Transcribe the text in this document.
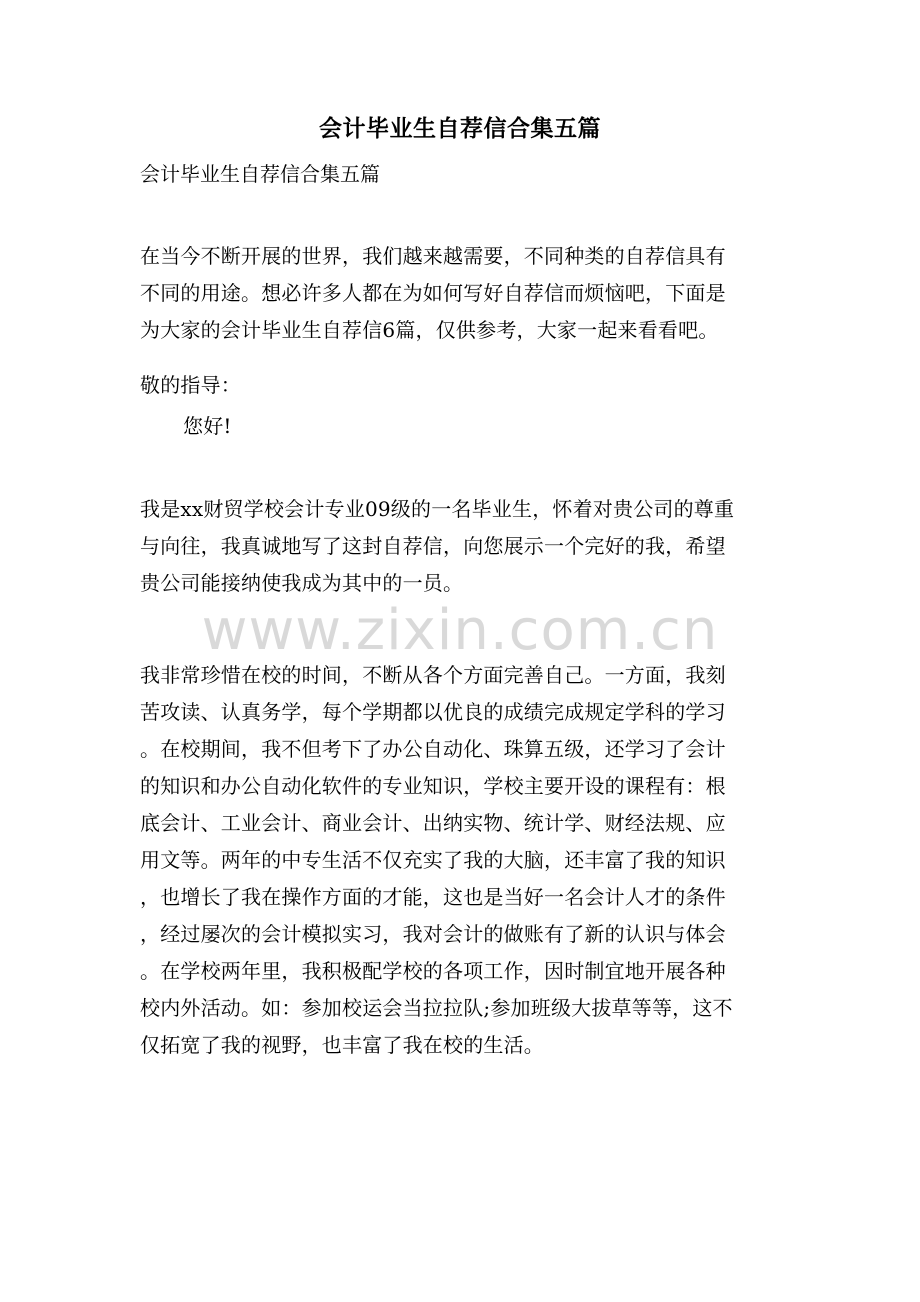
会计毕业生自荐信合集五篇
会计毕业生自荐信合集五篇
在当今不断开展的世界，我们越来越需要，不同种类的自荐信具有
不同的用途。想必许多人都在为如何写好自荐信而烦恼吧，下面是
为大家的会计毕业生自荐信6篇，仅供参考，大家一起来看看吧。
敬的指导：
您好!
我是xx财贸学校会计专业09级的一名毕业生，怀着对贵公司的尊重
与向往，我真诚地写了这封自荐信，向您展示一个完好的我，希望
贵公司能接纳使我成为其中的一员。
我非常珍惜在校的时间，不断从各个方面完善自己。一方面，我刻
苦攻读、认真务学，每个学期都以优良的成绩完成规定学科的学习
。在校期间，我不但考下了办公自动化、珠算五级，还学习了会计
的知识和办公自动化软件的专业知识，学校主要开设的课程有：根
底会计、工业会计、商业会计、出纳实物、统计学、财经法规、应
用文等。两年的中专生活不仅充实了我的大脑，还丰富了我的知识
，也增长了我在操作方面的才能，这也是当好一名会计人才的条件
，经过屡次的会计模拟实习，我对会计的做账有了新的认识与体会
。在学校两年里，我积极配学校的各项工作，因时制宜地开展各种
校内外活动。如：参加校运会当拉拉队;参加班级大拔草等等，这不
仅拓宽了我的视野，也丰富了我在校的生活。
www.zixin.com.cn
